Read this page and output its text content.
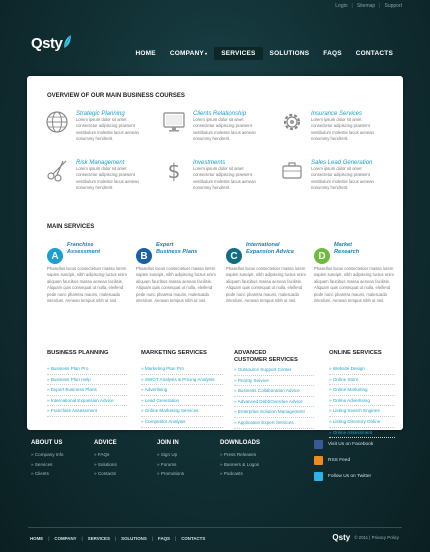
Login | Sitemap | Support
Qsty
HOME	COMPANY▾	SERVICES	SOLUTIONS	FAQS	CONTACTS
OVERVIEW OF OUR MAIN BUSINESS COURSES
Strategic Planning
Lorem ipsum dolor sit amet consectetur adipiscing praesent vestibulum molestie lacus aenean nonummy hendrerit.
Clients Relationship
Lorem ipsum dolor sit amet consectetur adipiscing praesent vestibulum molestie lacus aenean nonummy hendrerit.
Insurance Services
Lorem ipsum dolor sit amet consectetur adipiscing praesent vestibulum molestie lacus aenean nonummy hendrerit.
Risk Management
Lorem ipsum dolor sit amet consectetur adipiscing praesent vestibulum molestie lacus aenean nonummy hendrerit.
$ Investments
Lorem ipsum dolor sit amet consectetur adipiscing praesent vestibulum molestie lacus aenean nonummy hendrerit.
Sales Lead Generation
Lorem ipsum dolor sit amet consectetur adipiscing praesent vestibulum molestie lacus aenean nonummy hendrerit.
MAIN SERVICES
A
Franchise
Assessment
Phasellus lacus consectetuer massa lorem sapien suscipit, nibh adipiscing luctus enim aliquam faucibus massa aenean facilisis. Aliquam quis consequat ut nulla, eleifend pede nunc pharetra mauris, malesuada interdum. Aenean tempus nibh ut nisl.
B
Expert
Business Plans
Phasellus lacus consectetuer massa lorem sapien suscipit, nibh adipiscing luctus enim aliquam faucibus massa aenean facilisis. Aliquam quis consequat ut nulla, eleifend pede nunc pharetra mauris, malesuada interdum. Aenean tempus nibh ut nisl.
C
International
Expansion Advice
Phasellus lacus consectetuer massa lorem sapien suscipit, nibh adipiscing luctus enim aliquam faucibus massa aenean facilisis. Aliquam quis consequat ut nulla, eleifend pede nunc pharetra mauris, malesuada interdum. Aenean tempus nibh ut nisl.
D
Market
Research
Phasellus lacus consectetuer massa lorem sapien suscipit, nibh adipiscing luctus enim aliquam faucibus massa aenean facilisis. Aliquam quis consequat ut nulla, eleifend pede nunc pharetra mauris, malesuada interdum. Aenean tempus nibh ut nisl.
BUSINESS PLANNING
» Business Plan Pro
» Business Plan Help
» Export Business Plans
» International Expansion Advice
» Franchise Assessment
MARKETING SERVICES
» Marketing Plan Pro
» SWOT Analysis & Pricing Analysis
» Advertising
» Lead Generation
» Online Marketing Services
» Competitor Analysis
ADVANCED CUSTOMER SERVICES
» Outsource Support Center
» Priority Service
» Business Collaboration Advice
» Advanced Debt/Overdue Advice
» Enterprise Solution Management
» Application Expert Services
ONLINE SERVICES
» Website Design
» Online Store
» Online Marketing
» Online Advertising
» Listing Search Engines
» Listing Directory Online
» Online Assessment
ABOUT US
» Company Info
» Services
» Clients
ADVICE
» FAQs
» Solutions
» Contacts
JOIN IN
» Sign Up
» Forums
» Promotions
DOWNLOADS
» Press Releases
» Banners & Logos
» Podcasts
Visit Us on Facebook
RSS Feed
Follow Us on Twitter
HOME | COMPANY | SERVICES | SOLUTIONS | FAQS | CONTACTS	Qsty © 2011 | Privacy Policy
